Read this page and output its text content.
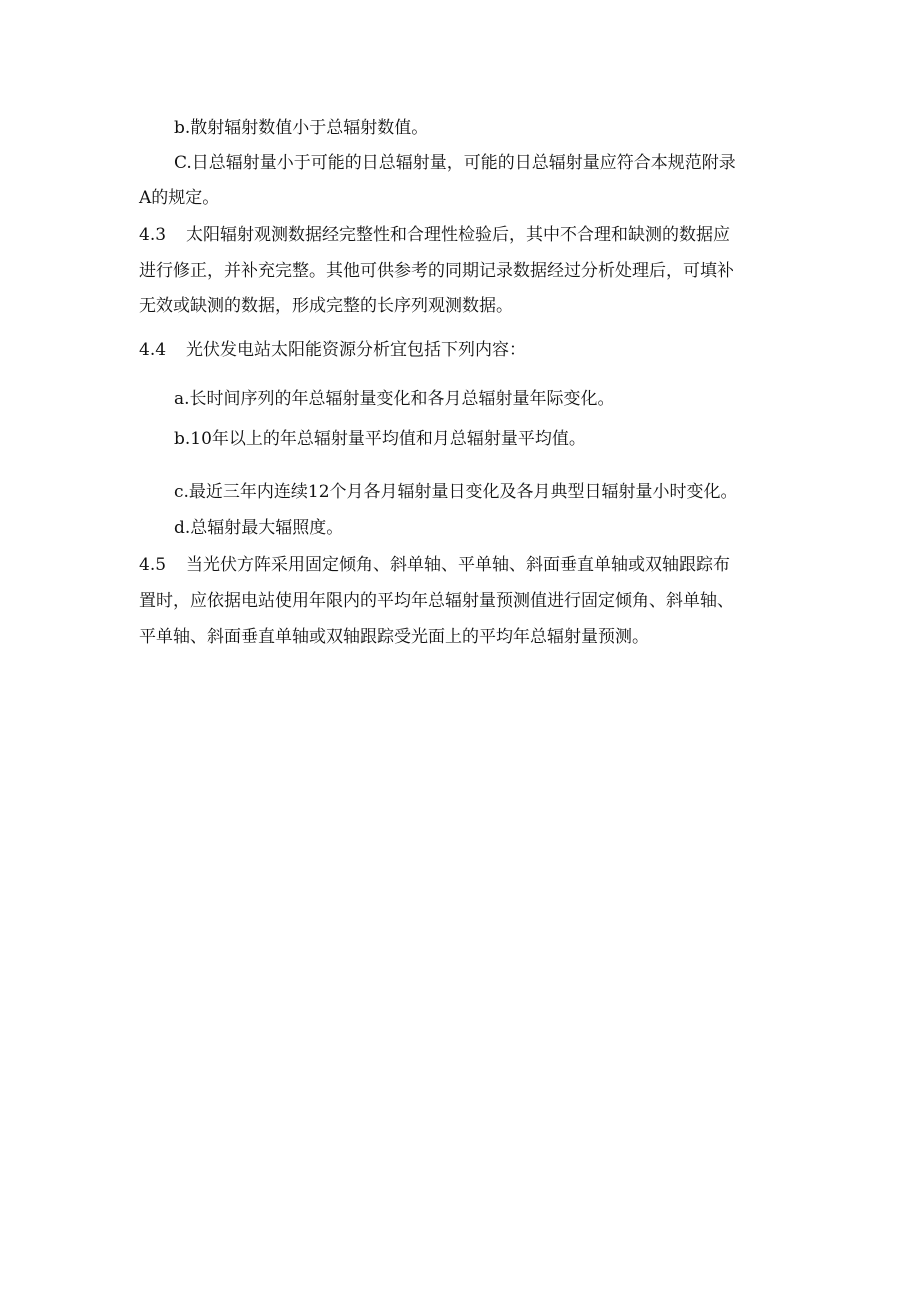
b.散射辐射数值小于总辐射数值。
C.日总辐射量小于可能的日总辐射量，可能的日总辐射量应符合本规范附录
A的规定。
4.3 太阳辐射观测数据经完整性和合理性检验后，其中不合理和缺测的数据应
进行修正，并补充完整。其他可供参考的同期记录数据经过分析处理后，可填补
无效或缺测的数据，形成完整的长序列观测数据。
4.4 光伏发电站太阳能资源分析宜包括下列内容：
a.长时间序列的年总辐射量变化和各月总辐射量年际变化。
b.10年以上的年总辐射量平均值和月总辐射量平均值。
c.最近三年内连续12个月各月辐射量日变化及各月典型日辐射量小时变化。
d.总辐射最大辐照度。
4.5 当光伏方阵采用固定倾角、斜单轴、平单轴、斜面垂直单轴或双轴跟踪布
置时，应依据电站使用年限内的平均年总辐射量预测值进行固定倾角、斜单轴、
平单轴、斜面垂直单轴或双轴跟踪受光面上的平均年总辐射量预测。
